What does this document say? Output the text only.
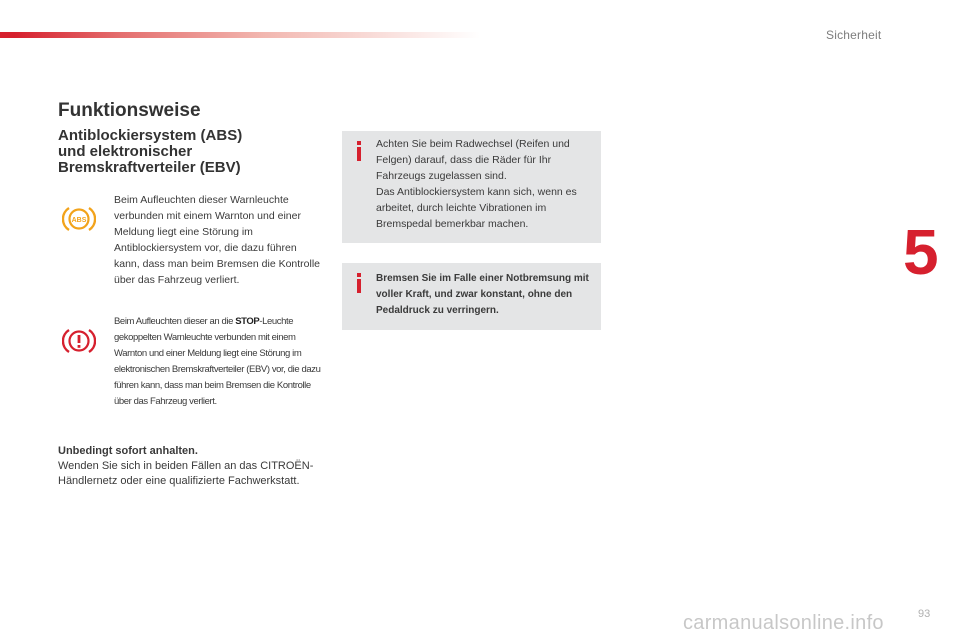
Sicherheit
5
Funktionsweise
Antiblockiersystem (ABS)
und elektronischer
Bremskraftverteiler (EBV)
ABS

Beim Aufleuchten dieser Warnleuchte verbunden mit einem Warnton und einer Meldung liegt eine Störung im Antiblockiersystem vor, die dazu führen kann, dass man beim Bremsen die Kontrolle über das Fahrzeug verliert.

Beim Aufleuchten dieser an die STOP-Leuchte gekoppelten Warnleuchte verbunden mit einem Warnton und einer Meldung liegt eine Störung im elektronischen Bremskraftverteiler (EBV) vor, die dazu führen kann, dass man beim Bremsen die Kontrolle über das Fahrzeug verliert.

Unbedingt sofort anhalten.
Wenden Sie sich in beiden Fällen an das CITROËN-Händlernetz oder eine qualifizierte Fachwerkstatt.

Achten Sie beim Radwechsel (Reifen und Felgen) darauf, dass die Räder für Ihr Fahrzeugs zugelassen sind.
Das Antiblockiersystem kann sich, wenn es arbeitet, durch leichte Vibrationen im Bremspedal bemerkbar machen.

Bremsen Sie im Falle einer Notbremsung mit voller Kraft, und zwar konstant, ohne den Pedaldruck zu verringern.

carmanualsonline.info	93
